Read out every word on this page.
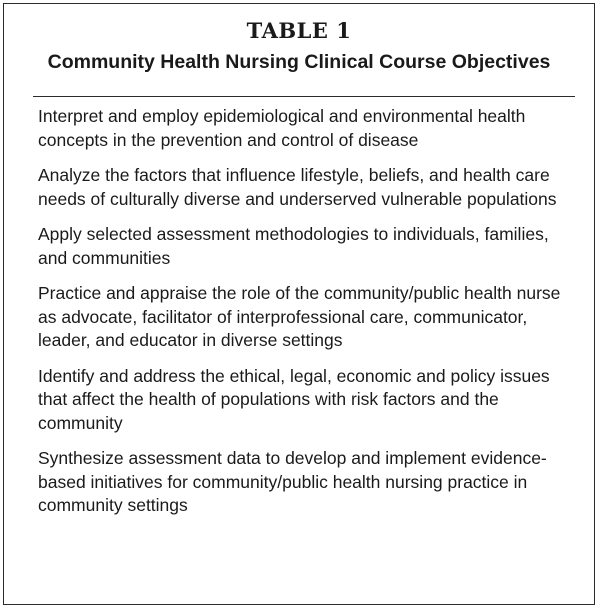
TABLE 1
Community Health Nursing Clinical Course Objectives
Interpret and employ epidemiological and environmental health concepts in the prevention and control of disease
Analyze the factors that influence lifestyle, beliefs, and health care needs of culturally diverse and underserved vulnerable populations
Apply selected assessment methodologies to individuals, families, and communities
Practice and appraise the role of the community/public health nurse as advocate, facilitator of interprofessional care, communicator, leader, and educator in diverse settings
Identify and address the ethical, legal, economic and policy issues that affect the health of populations with risk factors and the community
Synthesize assessment data to develop and implement evidence-based initiatives for community/public health nursing practice in community settings
